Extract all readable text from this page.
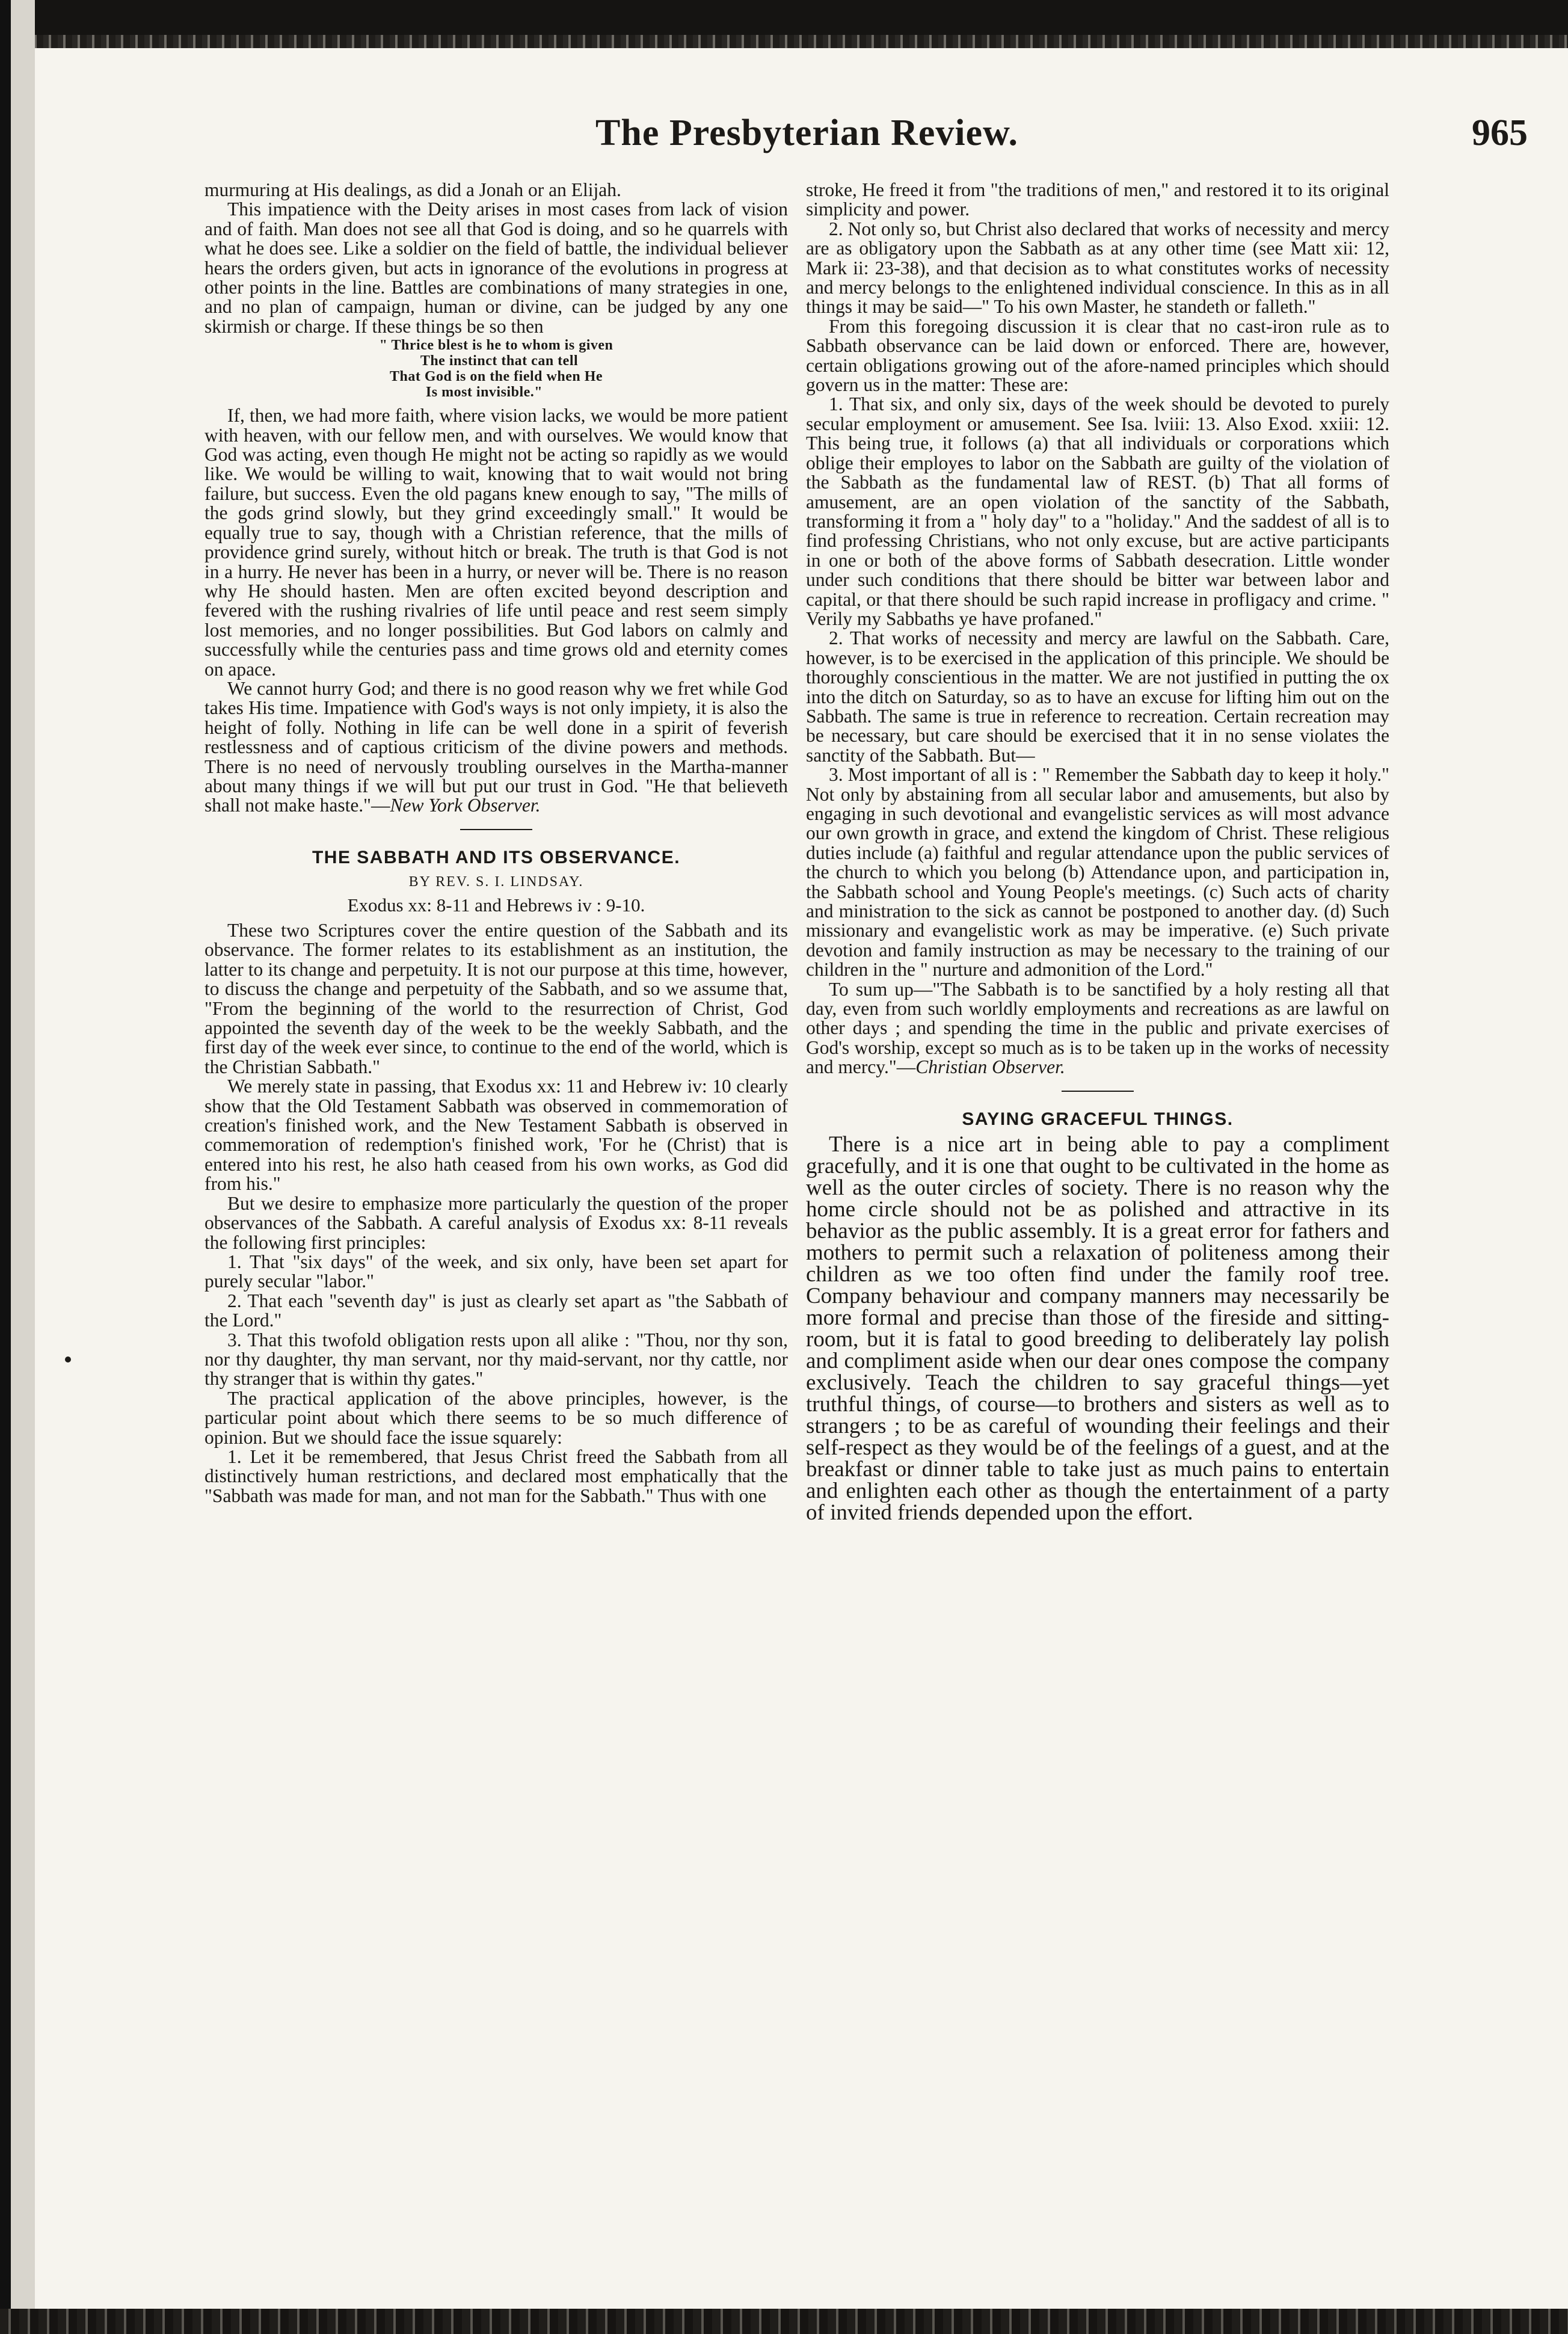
The Presbyterian Review.	965

murmuring at His dealings, as did a Jonah or an Elijah.

This impatience with the Deity arises in most cases from lack of vision and of faith. Man does not see all that God is doing, and so he quarrels with what he does see. Like a soldier on the field of battle, the individual believer hears the orders given, but acts in ignorance of the evolutions in progress at other points in the line. Battles are combinations of many strategies in one, and no plan of campaign, human or divine, can be judged by any one skirmish or charge. If these things be so then

" Thrice blest is he to whom is given
The instinct that can tell
That God is on the field when He
Is most invisible."

If, then, we had more faith, where vision lacks, we would be more patient with heaven, with our fellow men, and with ourselves. We would know that God was acting, even though He might not be acting so rapidly as we would like. We would be willing to wait, knowing that to wait would not bring failure, but success. Even the old pagans knew enough to say, "The mills of the gods grind slowly, but they grind exceedingly small." It would be equally true to say, though with a Christian reference, that the mills of providence grind surely, without hitch or break. The truth is that God is not in a hurry. He never has been in a hurry, or never will be. There is no reason why He should hasten. Men are often excited beyond description and fevered with the rushing rivalries of life until peace and rest seem simply lost memories, and no longer possibilities. But God labors on calmly and successfully while the centuries pass and time grows old and eternity comes on apace.

We cannot hurry God; and there is no good reason why we fret while God takes His time. Impatience with God's ways is not only impiety, it is also the height of folly. Nothing in life can be well done in a spirit of feverish restlessness and of captious criticism of the divine powers and methods. There is no need of nervously troubling ourselves in the Martha-manner about many things if we will but put our trust in God. "He that believeth shall not make haste."—New York Observer.

THE SABBATH AND ITS OBSERVANCE.
BY REV. S. I. LINDSAY.
Exodus xx: 8-11 and Hebrews iv : 9-10.

These two Scriptures cover the entire question of the Sabbath and its observance. The former relates to its establishment as an institution, the latter to its change and perpetuity. It is not our purpose at this time, however, to discuss the change and perpetuity of the Sabbath, and so we assume that, "From the beginning of the world to the resurrection of Christ, God appointed the seventh day of the week to be the weekly Sabbath, and the first day of the week ever since, to continue to the end of the world, which is the Christian Sabbath."

We merely state in passing, that Exodus xx: 11 and Hebrew iv: 10 clearly show that the Old Testament Sabbath was observed in commemoration of creation's finished work, and the New Testament Sabbath is observed in commemoration of redemption's finished work, 'For he (Christ) that is entered into his rest, he also hath ceased from his own works, as God did from his."

But we desire to emphasize more particularly the question of the proper observances of the Sabbath. A careful analysis of Exodus xx: 8-11 reveals the following first principles:

1. That "six days" of the week, and six only, have been set apart for purely secular "labor."

2. That each "seventh day" is just as clearly set apart as "the Sabbath of the Lord."

3. That this twofold obligation rests upon all alike : "Thou, nor thy son, nor thy daughter, thy man servant, nor thy maid-servant, nor thy cattle, nor thy stranger that is within thy gates."

The practical application of the above principles, however, is the particular point about which there seems to be so much difference of opinion. But we should face the issue squarely:

1. Let it be remembered, that Jesus Christ freed the Sabbath from all distinctively human restrictions, and declared most emphatically that the "Sabbath was made for man, and not man for the Sabbath." Thus with one

stroke, He freed it from "the traditions of men," and restored it to its original simplicity and power.

2. Not only so, but Christ also declared that works of necessity and mercy are as obligatory upon the Sabbath as at any other time (see Matt xii: 12, Mark ii: 23-38), and that decision as to what constitutes works of necessity and mercy belongs to the enlightened individual conscience. In this as in all things it may be said—" To his own Master, he standeth or falleth."

From this foregoing discussion it is clear that no cast-iron rule as to Sabbath observance can be laid down or enforced. There are, however, certain obligations growing out of the afore-named principles which should govern us in the matter: These are:

1. That six, and only six, days of the week should be devoted to purely secular employment or amusement. See Isa. lviii: 13. Also Exod. xxiii: 12. This being true, it follows (a) that all individuals or corporations which oblige their employes to labor on the Sabbath are guilty of the violation of the Sabbath as the fundamental law of REST. (b) That all forms of amusement, are an open violation of the sanctity of the Sabbath, transforming it from a " holy day" to a "holiday." And the saddest of all is to find professing Christians, who not only excuse, but are active participants in one or both of the above forms of Sabbath desecration. Little wonder under such conditions that there should be bitter war between labor and capital, or that there should be such rapid increase in profligacy and crime. " Verily my Sabbaths ye have profaned."

2. That works of necessity and mercy are lawful on the Sabbath. Care, however, is to be exercised in the application of this principle. We should be thoroughly conscientious in the matter. We are not justified in putting the ox into the ditch on Saturday, so as to have an excuse for lifting him out on the Sabbath. The same is true in reference to recreation. Certain recreation may be necessary, but care should be exercised that it in no sense violates the sanctity of the Sabbath. But—

3. Most important of all is : " Remember the Sabbath day to keep it holy." Not only by abstaining from all secular labor and amusements, but also by engaging in such devotional and evangelistic services as will most advance our own growth in grace, and extend the kingdom of Christ. These religious duties include (a) faithful and regular attendance upon the public services of the church to which you belong (b) Attendance upon, and participation in, the Sabbath school and Young People's meetings. (c) Such acts of charity and ministration to the sick as cannot be postponed to another day. (d) Such missionary and evangelistic work as may be imperative. (e) Such private devotion and family instruction as may be necessary to the training of our children in the " nurture and admonition of the Lord."

To sum up—"The Sabbath is to be sanctified by a holy resting all that day, even from such worldly employments and recreations as are lawful on other days ; and spending the time in the public and private exercises of God's worship, except so much as is to be taken up in the works of necessity and mercy."—Christian Observer.

SAYING GRACEFUL THINGS.

There is a nice art in being able to pay a compliment gracefully, and it is one that ought to be cultivated in the home as well as the outer circles of society. There is no reason why the home circle should not be as polished and attractive in its behavior as the public assembly. It is a great error for fathers and mothers to permit such a relaxation of politeness among their children as we too often find under the family roof tree. Company behaviour and company manners may necessarily be more formal and precise than those of the fireside and sitting-room, but it is fatal to good breeding to deliberately lay polish and compliment aside when our dear ones compose the company exclusively. Teach the children to say graceful things—yet truthful things, of course—to brothers and sisters as well as to strangers ; to be as careful of wounding their feelings and their self-respect as they would be of the feelings of a guest, and at the breakfast or dinner table to take just as much pains to entertain and enlighten each other as though the entertainment of a party of invited friends depended upon the effort.
